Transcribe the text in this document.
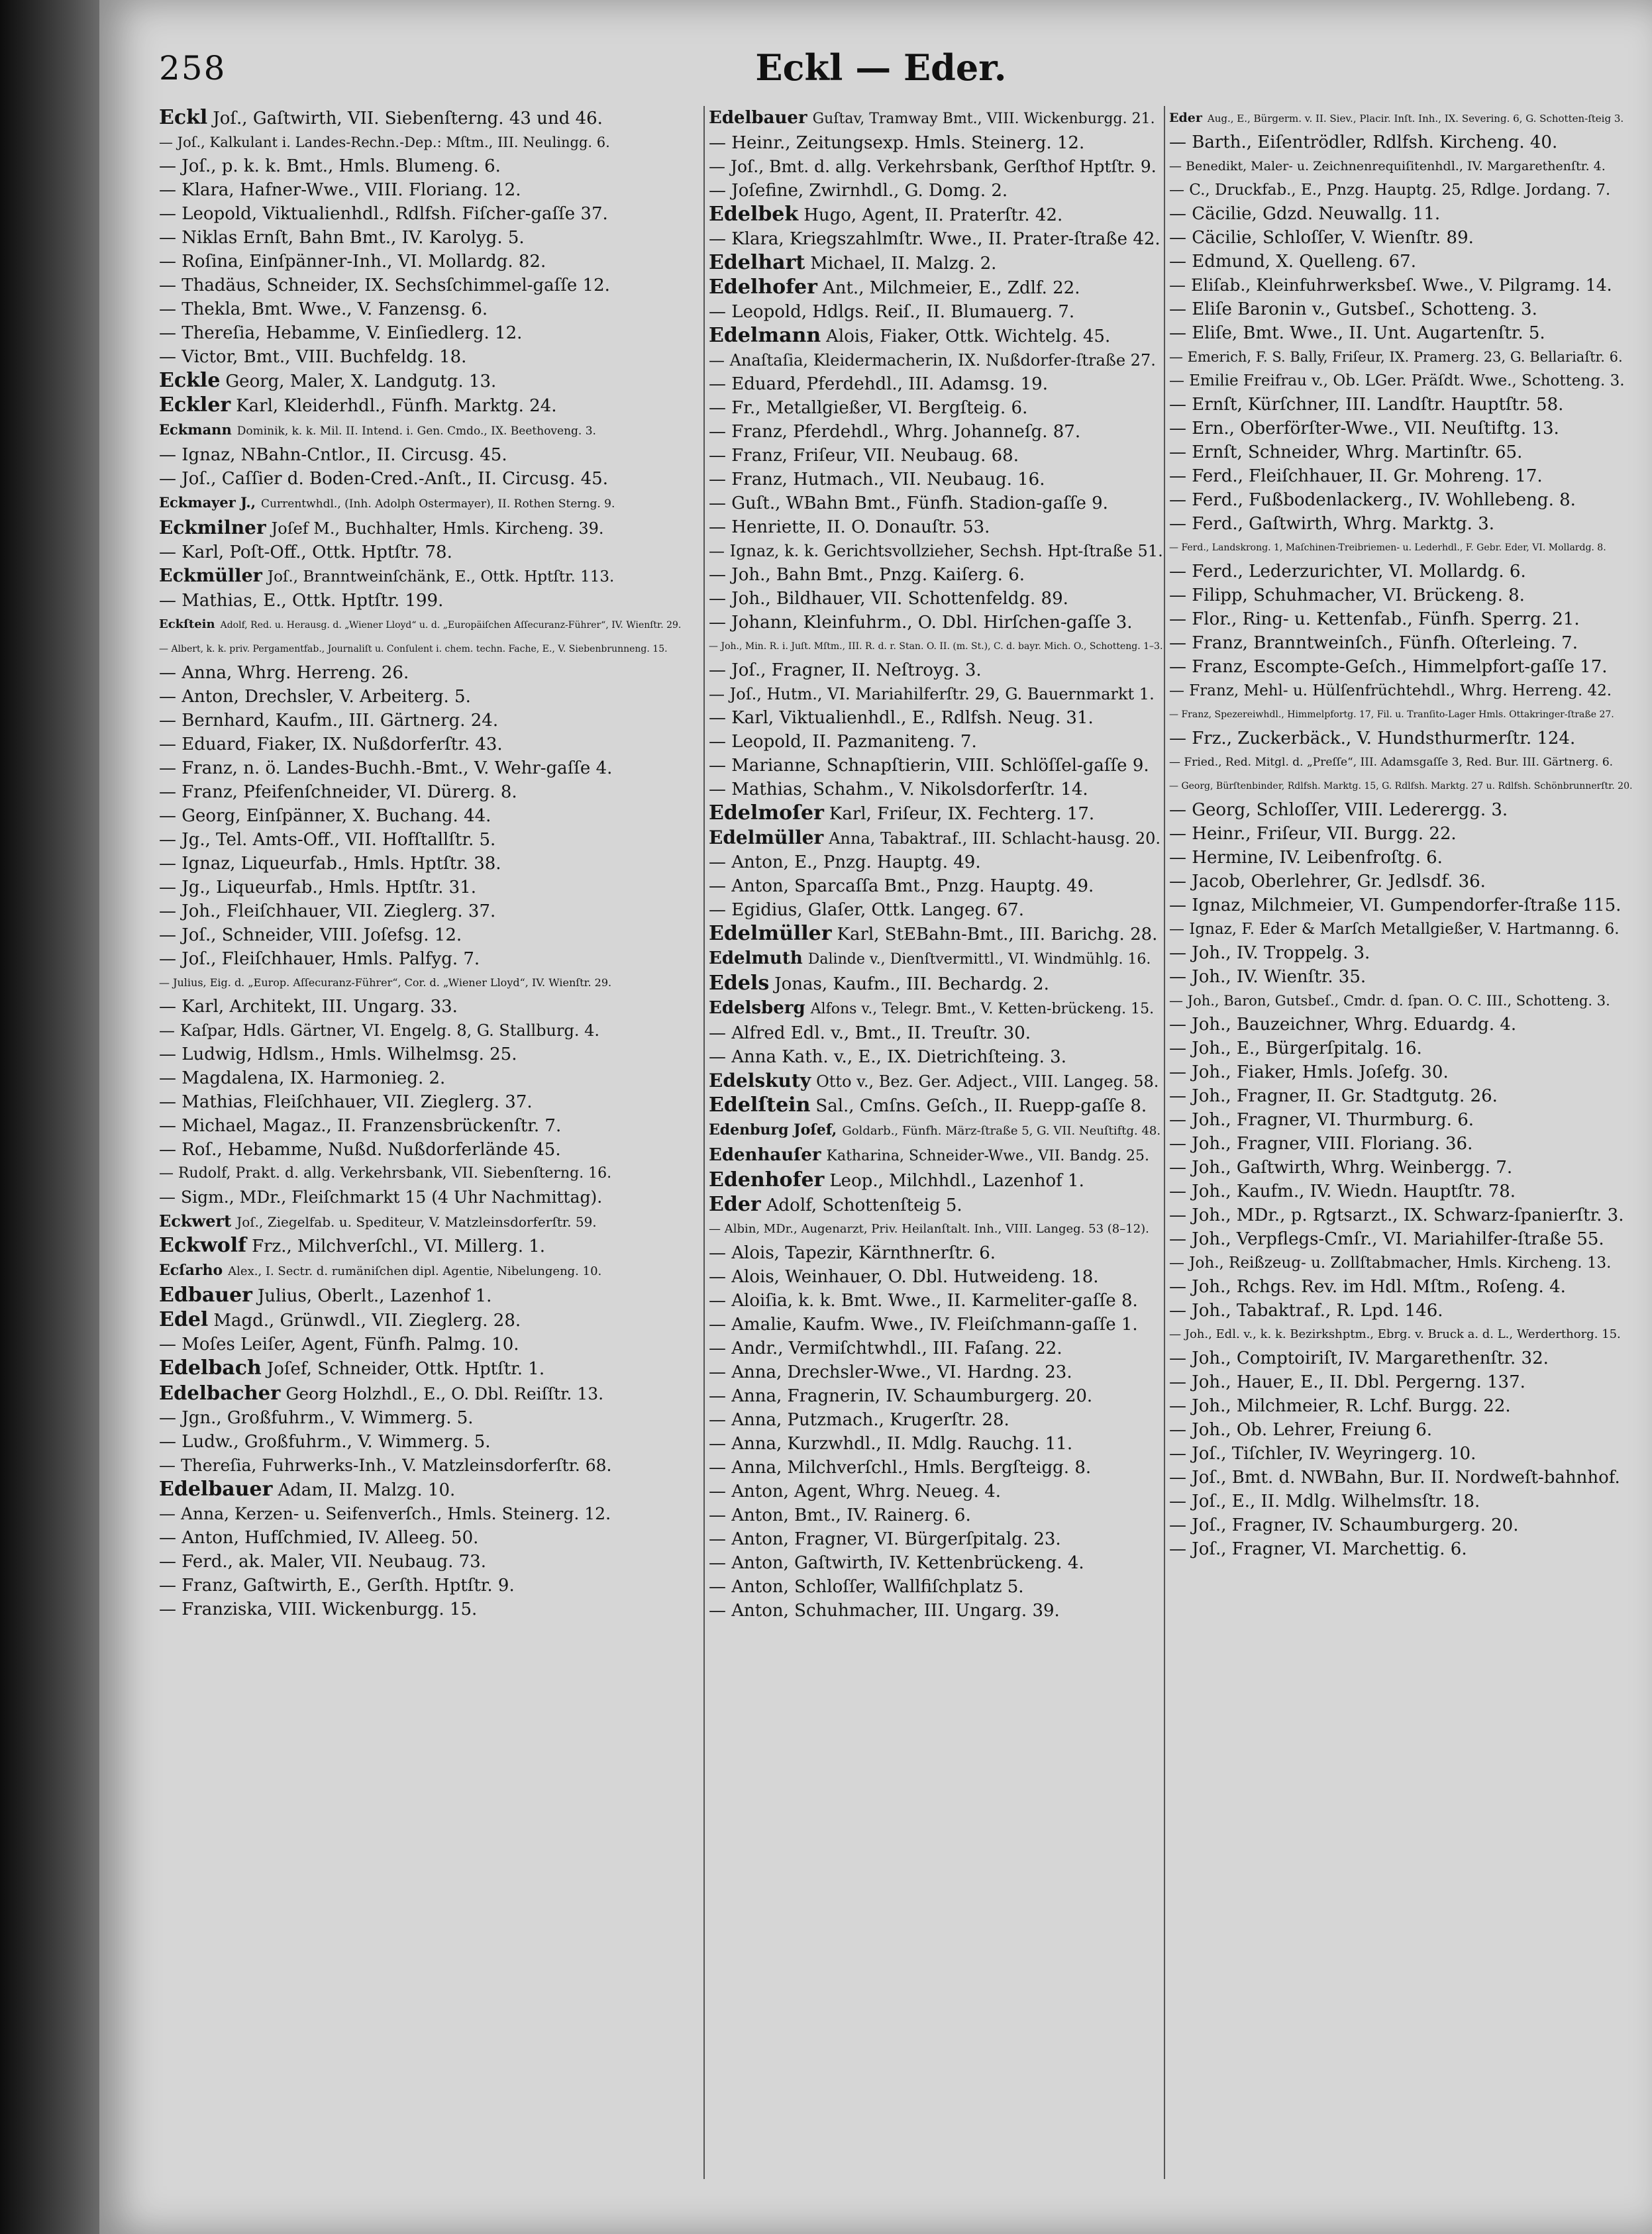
258	Eckl — Eder.
Eckl Joſ., Gaſtwirth, VII. Siebenſterng. 43 und 46.
— Joſ., Kalkulant i. Landes-Rechn.-Dep.: Mſtm., III. Neulingg. 6.
— Joſ., p. k. k. Bmt., Hmls. Blumeng. 6.
— Klara, Hafner-Wwe., VIII. Floriang. 12.
— Leopold, Viktualienhdl., Rdlfsh. Fiſcher-gaſſe 37.
— Niklas Ernſt, Bahn Bmt., IV. Karolyg. 5.
— Roſina, Einſpänner-Inh., VI. Mollardg. 82.
— Thadäus, Schneider, IX. Sechsſchimmel-gaſſe 12.
— Thekla, Bmt. Wwe., V. Fanzensg. 6.
— Thereſia, Hebamme, V. Einſiedlerg. 12.
— Victor, Bmt., VIII. Buchfeldg. 18.
Eckle Georg, Maler, X. Landgutg. 13.
Eckler Karl, Kleiderhdl., Fünfh. Marktg. 24.
Eckmann Dominik, k. k. Mil. II. Intend. i. Gen. Cmdo., IX. Beethoveng. 3.
— Ignaz, NBahn-Cntlor., II. Circusg. 45.
— Joſ., Caſſier d. Boden-Cred.-Anſt., II. Circusg. 45.
Eckmayer J., Currentwhdl., (Inh. Adolph Ostermayer), II. Rothen Sterng. 9.
Eckmilner Joſef M., Buchhalter, Hmls. Kircheng. 39.
— Karl, Poſt-Off., Ottk. Hptſtr. 78.
Eckmüller Joſ., Branntweinſchänk, E., Ottk. Hptſtr. 113.
— Mathias, E., Ottk. Hptſtr. 199.
Eckſtein Adolf, Red. u. Herausg. d. „Wiener Lloyd“ u. d. „Europäiſchen Aſſecuranz-Führer“, IV. Wienſtr. 29.
— Albert, k. k. priv. Pergamentfab., Journaliſt u. Conſulent i. chem. techn. Fache, E., V. Siebenbrunneng. 15.
— Anna, Whrg. Herreng. 26.
— Anton, Drechsler, V. Arbeiterg. 5.
— Bernhard, Kaufm., III. Gärtnerg. 24.
— Eduard, Fiaker, IX. Nußdorferſtr. 43.
— Franz, n. ö. Landes-Buchh.-Bmt., V. Wehr-gaſſe 4.
— Franz, Pfeifenſchneider, VI. Dürerg. 8.
— Georg, Einſpänner, X. Buchang. 44.
— Jg., Tel. Amts-Off., VII. Hofſtallſtr. 5.
— Ignaz, Liqueurfab., Hmls. Hptſtr. 38.
— Jg., Liqueurfab., Hmls. Hptſtr. 31.
— Joh., Fleiſchhauer, VII. Zieglerg. 37.
— Joſ., Schneider, VIII. Joſefsg. 12.
— Joſ., Fleiſchhauer, Hmls. Palfyg. 7.
— Julius, Eig. d. „Europ. Aſſecuranz-Führer“, Cor. d. „Wiener Lloyd“, IV. Wienſtr. 29.
— Karl, Architekt, III. Ungarg. 33.
— Kaſpar, Hdls. Gärtner, VI. Engelg. 8, G. Stallburg. 4.
— Ludwig, Hdlsm., Hmls. Wilhelmsg. 25.
— Magdalena, IX. Harmonieg. 2.
— Mathias, Fleiſchhauer, VII. Zieglerg. 37.
— Michael, Magaz., II. Franzensbrückenſtr. 7.
— Roſ., Hebamme, Nußd. Nußdorferlände 45.
— Rudolf, Prakt. d. allg. Verkehrsbank, VII. Siebenſterng. 16.
— Sigm., MDr., Fleiſchmarkt 15 (4 Uhr Nachmittag).
Eckwert Joſ., Ziegelfab. u. Spediteur, V. Matzleinsdorferſtr. 59.
Eckwolf Frz., Milchverſchl., VI. Millerg. 1.
Ecſarho Alex., I. Sectr. d. rumäniſchen dipl. Agentie, Nibelungeng. 10.
Edbauer Julius, Oberlt., Lazenhof 1.
Edel Magd., Grünwdl., VII. Zieglerg. 28.
— Moſes Leiſer, Agent, Fünfh. Palmg. 10.
Edelbach Joſef, Schneider, Ottk. Hptſtr. 1.
Edelbacher Georg Holzhdl., E., O. Dbl. Reiſſtr. 13.
— Jgn., Großfuhrm., V. Wimmerg. 5.
— Ludw., Großfuhrm., V. Wimmerg. 5.
— Thereſia, Fuhrwerks-Inh., V. Matzleinsdorferſtr. 68.
Edelbauer Adam, II. Malzg. 10.
— Anna, Kerzen- u. Seifenverſch., Hmls. Steinerg. 12.
— Anton, Hufſchmied, IV. Alleeg. 50.
— Ferd., ak. Maler, VII. Neubaug. 73.
— Franz, Gaſtwirth, E., Gerſth. Hptſtr. 9.
— Franziska, VIII. Wickenburgg. 15.
Edelbauer Guſtav, Tramway Bmt., VIII. Wickenburgg. 21.
— Heinr., Zeitungsexp. Hmls. Steinerg. 12.
— Joſ., Bmt. d. allg. Verkehrsbank, Gerſthof Hptſtr. 9.
— Joſefine, Zwirnhdl., G. Domg. 2.
Edelbek Hugo, Agent, II. Praterſtr. 42.
— Klara, Kriegszahlmſtr. Wwe., II. Prater-ſtraße 42.
Edelhart Michael, II. Malzg. 2.
Edelhofer Ant., Milchmeier, E., Zdlf. 22.
— Leopold, Hdlgs. Reiſ., II. Blumauerg. 7.
Edelmann Alois, Fiaker, Ottk. Wichtelg. 45.
— Anaſtaſia, Kleidermacherin, IX. Nußdorfer-ſtraße 27.
— Eduard, Pferdehdl., III. Adamsg. 19.
— Fr., Metallgießer, VI. Bergſteig. 6.
— Franz, Pferdehdl., Whrg. Johanneſg. 87.
— Franz, Friſeur, VII. Neubaug. 68.
— Franz, Hutmach., VII. Neubaug. 16.
— Guſt., WBahn Bmt., Fünfh. Stadion-gaſſe 9.
— Henriette, II. O. Donauſtr. 53.
— Ignaz, k. k. Gerichtsvollzieher, Sechsh. Hpt-ſtraße 51.
— Joh., Bahn Bmt., Pnzg. Kaiſerg. 6.
— Joh., Bildhauer, VII. Schottenfeldg. 89.
— Johann, Kleinfuhrm., O. Dbl. Hirſchen-gaſſe 3.
— Joh., Min. R. i. Juſt. Mſtm., III. R. d. r. Stan. O. II. (m. St.), C. d. bayr. Mich. O., Schotteng. 1–3.
— Joſ., Fragner, II. Neſtroyg. 3.
— Joſ., Hutm., VI. Mariahilferſtr. 29, G. Bauernmarkt 1.
— Karl, Viktualienhdl., E., Rdlfsh. Neug. 31.
— Leopold, II. Pazmaniteng. 7.
— Marianne, Schnapſtierin, VIII. Schlöſſel-gaſſe 9.
— Mathias, Schahm., V. Nikolsdorferſtr. 14.
Edelmoſer Karl, Friſeur, IX. Fechterg. 17.
Edelmüller Anna, Tabaktraf., III. Schlacht-hausg. 20.
— Anton, E., Pnzg. Hauptg. 49.
— Anton, Sparcaſſa Bmt., Pnzg. Hauptg. 49.
— Egidius, Glaſer, Ottk. Langeg. 67.
Edelmüller Karl, StEBahn-Bmt., III. Barichg. 28.
Edelmuth Dalinde v., Dienſtvermittl., VI. Windmühlg. 16.
Edels Jonas, Kaufm., III. Bechardg. 2.
Edelsberg Alfons v., Telegr. Bmt., V. Ketten-brückeng. 15.
— Alfred Edl. v., Bmt., II. Treuſtr. 30.
— Anna Kath. v., E., IX. Dietrichſteing. 3.
Edelskuty Otto v., Bez. Ger. Adject., VIII. Langeg. 58.
Edelſtein Sal., Cmſns. Geſch., II. Ruepp-gaſſe 8.
Edenburg Joſef, Goldarb., Fünfh. März-ſtraße 5, G. VII. Neuſtiftg. 48.
Edenhauſer Katharina, Schneider-Wwe., VII. Bandg. 25.
Edenhofer Leop., Milchhdl., Lazenhof 1.
Eder Adolf, Schottenſteig 5.
— Albin, MDr., Augenarzt, Priv. Heilanſtalt. Inh., VIII. Langeg. 53 (8–12).
— Alois, Tapezir, Kärnthnerſtr. 6.
— Alois, Weinhauer, O. Dbl. Hutweideng. 18.
— Aloiſia, k. k. Bmt. Wwe., II. Karmeliter-gaſſe 8.
— Amalie, Kaufm. Wwe., IV. Fleiſchmann-gaſſe 1.
— Andr., Vermiſchtwhdl., III. Faſang. 22.
— Anna, Drechsler-Wwe., VI. Hardng. 23.
— Anna, Fragnerin, IV. Schaumburgerg. 20.
— Anna, Putzmach., Krugerſtr. 28.
— Anna, Kurzwhdl., II. Mdlg. Rauchg. 11.
— Anna, Milchverſchl., Hmls. Bergſteigg. 8.
— Anton, Agent, Whrg. Neueg. 4.
— Anton, Bmt., IV. Rainerg. 6.
— Anton, Fragner, VI. Bürgerſpitalg. 23.
— Anton, Gaſtwirth, IV. Kettenbrückeng. 4.
— Anton, Schloſſer, Wallfiſchplatz 5.
— Anton, Schuhmacher, III. Ungarg. 39.
Eder Aug., E., Bürgerm. v. II. Siev., Placir. Inſt. Inh., IX. Severing. 6, G. Schotten-ſteig 3.
— Barth., Eiſentrödler, Rdlfsh. Kircheng. 40.
— Benedikt, Maler- u. Zeichnenrequiſitenhdl., IV. Margarethenſtr. 4.
— C., Druckfab., E., Pnzg. Hauptg. 25, Rdlge. Jordang. 7.
— Cäcilie, Gdzd. Neuwallg. 11.
— Cäcilie, Schloſſer, V. Wienſtr. 89.
— Edmund, X. Quelleng. 67.
— Eliſab., Kleinfuhrwerksbeſ. Wwe., V. Pilgramg. 14.
— Eliſe Baronin v., Gutsbeſ., Schotteng. 3.
— Eliſe, Bmt. Wwe., II. Unt. Augartenſtr. 5.
— Emerich, F. S. Bally, Friſeur, IX. Pramerg. 23, G. Bellariaſtr. 6.
— Emilie Freifrau v., Ob. LGer. Präſdt. Wwe., Schotteng. 3.
— Ernſt, Kürſchner, III. Landſtr. Hauptſtr. 58.
— Ern., Oberförſter-Wwe., VII. Neuſtiftg. 13.
— Ernſt, Schneider, Whrg. Martinſtr. 65.
— Ferd., Fleiſchhauer, II. Gr. Mohreng. 17.
— Ferd., Fußbodenlackerg., IV. Wohllebeng. 8.
— Ferd., Gaſtwirth, Whrg. Marktg. 3.
— Ferd., Landskrong. 1, Maſchinen-Treibriemen- u. Lederhdl., F. Gebr. Eder, VI. Mollardg. 8.
— Ferd., Lederzurichter, VI. Mollardg. 6.
— Filipp, Schuhmacher, VI. Brückeng. 8.
— Flor., Ring- u. Kettenfab., Fünfh. Sperrg. 21.
— Franz, Branntweinſch., Fünfh. Oſterleing. 7.
— Franz, Escompte-Geſch., Himmelpfort-gaſſe 17.
— Franz, Mehl- u. Hülſenfrüchtehdl., Whrg. Herreng. 42.
— Franz, Spezereiwhdl., Himmelpfortg. 17, Fil. u. Tranſito-Lager Hmls. Ottakringer-ſtraße 27.
— Frz., Zuckerbäck., V. Hundsthurmerſtr. 124.
— Fried., Red. Mitgl. d. „Preſſe“, III. Adamsgaſſe 3, Red. Bur. III. Gärtnerg. 6.
— Georg, Bürſtenbinder, Rdlfsh. Marktg. 15, G. Rdlfsh. Marktg. 27 u. Rdlfsh. Schönbrunnerſtr. 20.
— Georg, Schloſſer, VIII. Lederergg. 3.
— Heinr., Friſeur, VII. Burgg. 22.
— Hermine, IV. Leibenfroſtg. 6.
— Jacob, Oberlehrer, Gr. Jedlsdf. 36.
— Ignaz, Milchmeier, VI. Gumpendorfer-ſtraße 115.
— Ignaz, F. Eder & Marſch Metallgießer, V. Hartmanng. 6.
— Joh., IV. Troppelg. 3.
— Joh., IV. Wienſtr. 35.
— Joh., Baron, Gutsbeſ., Cmdr. d. ſpan. O. C. III., Schotteng. 3.
— Joh., Bauzeichner, Whrg. Eduardg. 4.
— Joh., E., Bürgerſpitalg. 16.
— Joh., Fiaker, Hmls. Joſefg. 30.
— Joh., Fragner, II. Gr. Stadtgutg. 26.
— Joh., Fragner, VI. Thurmburg. 6.
— Joh., Fragner, VIII. Floriang. 36.
— Joh., Gaſtwirth, Whrg. Weinbergg. 7.
— Joh., Kaufm., IV. Wiedn. Hauptſtr. 78.
— Joh., MDr., p. Rgtsarzt., IX. Schwarz-ſpanierſtr. 3.
— Joh., Verpflegs-Cmſr., VI. Mariahilfer-ſtraße 55.
— Joh., Reißzeug- u. Zollſtabmacher, Hmls. Kircheng. 13.
— Joh., Rchgs. Rev. im Hdl. Mſtm., Roſeng. 4.
— Joh., Tabaktraf., R. Lpd. 146.
— Joh., Edl. v., k. k. Bezirkshptm., Ebrg. v. Bruck a. d. L., Werderthorg. 15.
— Joh., Comptoiriſt, IV. Margarethenſtr. 32.
— Joh., Hauer, E., II. Dbl. Pergerng. 137.
— Joh., Milchmeier, R. Lchf. Burgg. 22.
— Joh., Ob. Lehrer, Freiung 6.
— Joſ., Tiſchler, IV. Weyringerg. 10.
— Joſ., Bmt. d. NWBahn, Bur. II. Nordweſt-bahnhof.
— Joſ., E., II. Mdlg. Wilhelmsſtr. 18.
— Joſ., Fragner, IV. Schaumburgerg. 20.
— Joſ., Fragner, VI. Marchettig. 6.
